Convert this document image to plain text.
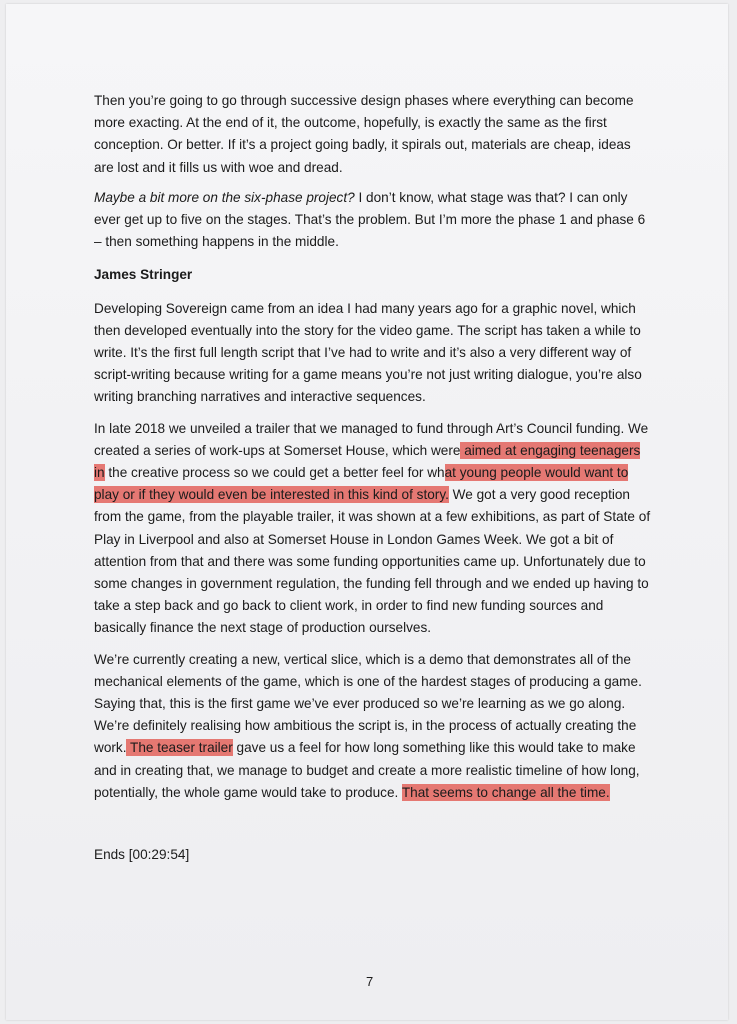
Then you’re going to go through successive design phases where everything can become more exacting. At the end of it, the outcome, hopefully, is exactly the same as the first conception. Or better. If it’s a project going badly, it spirals out, materials are cheap, ideas are lost and it fills us with woe and dread.

Maybe a bit more on the six-phase project? I don’t know, what stage was that? I can only ever get up to five on the stages. That’s the problem. But I’m more the phase 1 and phase 6 – then something happens in the middle.

James Stringer

Developing Sovereign came from an idea I had many years ago for a graphic novel, which then developed eventually into the story for the video game. The script has taken a while to write. It’s the first full length script that I’ve had to write and it’s also a very different way of script-writing because writing for a game means you’re not just writing dialogue, you’re also writing branching narratives and interactive sequences.

In late 2018 we unveiled a trailer that we managed to fund through Art’s Council funding. We created a series of work-ups at Somerset House, which were aimed at engaging teenagers in the creative process so we could get a better feel for what young people would want to play or if they would even be interested in this kind of story. We got a very good reception from the game, from the playable trailer, it was shown at a few exhibitions, as part of State of Play in Liverpool and also at Somerset House in London Games Week. We got a bit of attention from that and there was some funding opportunities came up. Unfortunately due to some changes in government regulation, the funding fell through and we ended up having to take a step back and go back to client work, in order to find new funding sources and basically finance the next stage of production ourselves.

We’re currently creating a new, vertical slice, which is a demo that demonstrates all of the mechanical elements of the game, which is one of the hardest stages of producing a game. Saying that, this is the first game we’ve ever produced so we’re learning as we go along. We’re definitely realising how ambitious the script is, in the process of actually creating the work. The teaser trailer gave us a feel for how long something like this would take to make and in creating that, we manage to budget and create a more realistic timeline of how long, potentially, the whole game would take to produce. That seems to change all the time.

Ends [00:29:54]

7
